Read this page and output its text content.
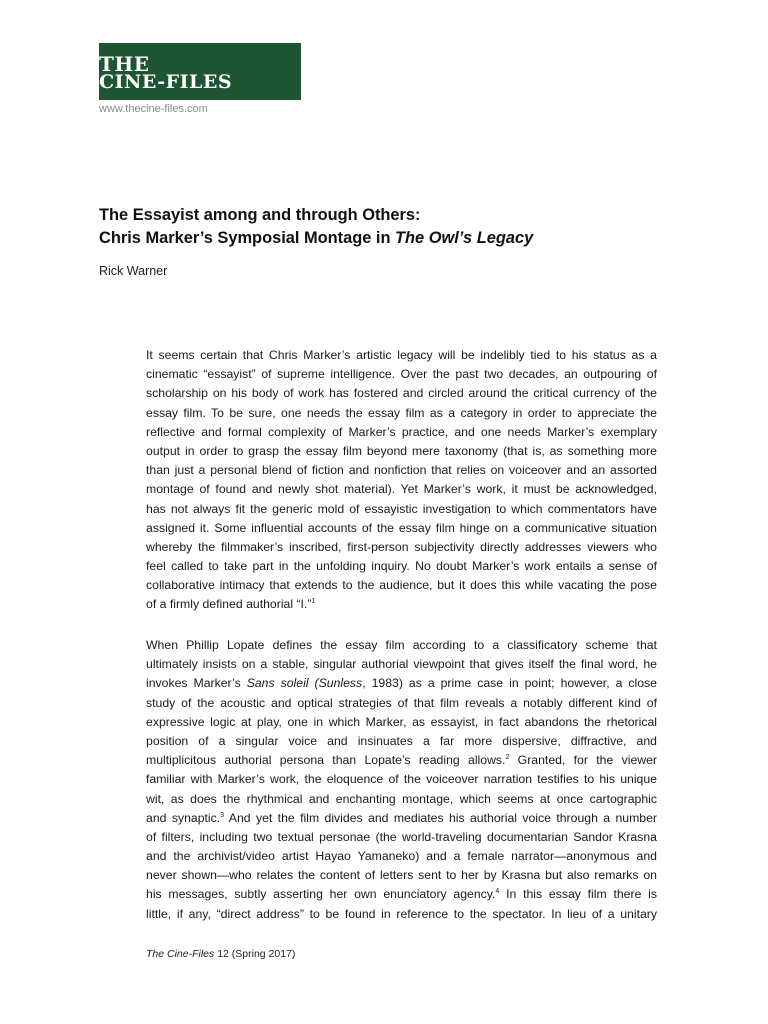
THE
CINE-FILES
www.thecine-files.com
The Essayist among and through Others:
Chris Marker’s Symposial Montage in The Owl’s Legacy
Rick Warner
It seems certain that Chris Marker’s artistic legacy will be indelibly tied to his status as a
cinematic “essayist” of supreme intelligence. Over the past two decades, an outpouring of
scholarship on his body of work has fostered and circled around the critical currency of the
essay film. To be sure, one needs the essay film as a category in order to appreciate the
reflective and formal complexity of Marker’s practice, and one needs Marker’s exemplary
output in order to grasp the essay film beyond mere taxonomy (that is, as something more
than just a personal blend of fiction and nonfiction that relies on voiceover and an assorted
montage of found and newly shot material). Yet Marker’s work, it must be acknowledged,
has not always fit the generic mold of essayistic investigation to which commentators have
assigned it. Some influential accounts of the essay film hinge on a communicative situation
whereby the filmmaker’s inscribed, first-person subjectivity directly addresses viewers who
feel called to take part in the unfolding inquiry. No doubt Marker’s work entails a sense of
collaborative intimacy that extends to the audience, but it does this while vacating the pose
of a firmly defined authorial “I.”$^1$
When Phillip Lopate defines the essay film according to a classificatory scheme that
ultimately insists on a stable, singular authorial viewpoint that gives itself the final word, he
invokes Marker’s Sans soleil (Sunless, 1983) as a prime case in point; however, a close
study of the acoustic and optical strategies of that film reveals a notably different kind of
expressive logic at play, one in which Marker, as essayist, in fact abandons the rhetorical
position of a singular voice and insinuates a far more dispersive, diffractive, and
multiplicitous authorial persona than Lopate’s reading allows.$^2$ Granted, for the viewer
familiar with Marker’s work, the eloquence of the voiceover narration testifies to his unique
wit, as does the rhythmical and enchanting montage, which seems at once cartographic
and synaptic.$^3$ And yet the film divides and mediates his authorial voice through a number
of filters, including two textual personae (the world-traveling documentarian Sandor Krasna
and the archivist/video artist Hayao Yamaneko) and a female narrator—anonymous and
never shown—who relates the content of letters sent to her by Krasna but also remarks on
his messages, subtly asserting her own enunciatory agency.$^4$ In this essay film there is
little, if any, “direct address” to be found in reference to the spectator. In lieu of a unitary
The Cine-Files 12 (Spring 2017)
